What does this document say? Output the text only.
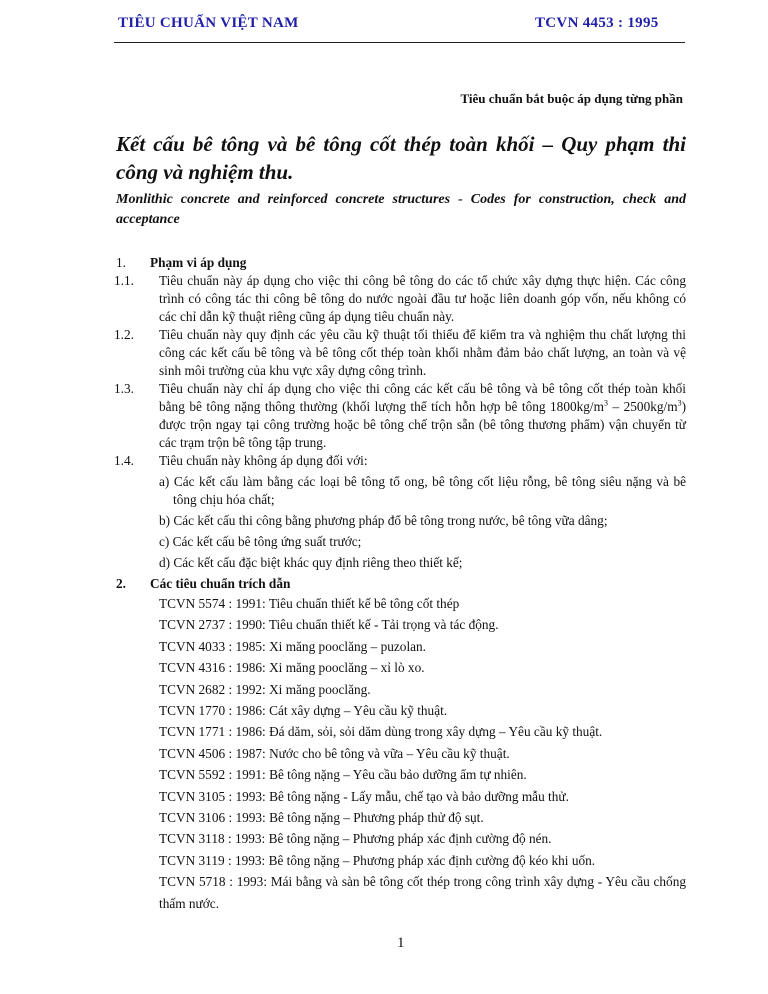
TIÊU CHUẨN VIỆT NAM	TCVN 4453 : 1995
Tiêu chuẩn bắt buộc áp dụng từng phần
Kết cấu bê tông và bê tông cốt thép toàn khối – Quy phạm thi công và nghiệm thu.
Monlithic concrete and reinforced concrete structures - Codes for construction, check and acceptance
1.	Phạm vi áp dụng
1.1. Tiêu chuẩn này áp dụng cho việc thi công bê tông do các tổ chức xây dựng thực hiện. Các công trình có công tác thi công bê tông do nước ngoài đầu tư hoặc liên doanh góp vốn, nếu không có các chỉ dẫn kỹ thuật riêng cũng áp dụng tiêu chuẩn này.
1.2. Tiêu chuẩn này quy định các yêu cầu kỹ thuật tối thiểu để kiểm tra và nghiệm thu chất lượng thi công các kết cấu bê tông và bê tông cốt thép toàn khối nhằm đảm bảo chất lượng, an toàn và vệ sinh môi trường của khu vực xây dựng công trình.
1.3. Tiêu chuẩn này chỉ áp dụng cho việc thi công các kết cấu bê tông và bê tông cốt thép toàn khối bằng bê tông nặng thông thường (khối lượng thể tích hỗn hợp bê tông $1800kg/m^3 - 2500kg/m^3$) được trộn ngay tại công trường hoặc bê tông chế trộn sẵn (bê tông thương phẩm) vận chuyển từ các trạm trộn bê tông tập trung.
1.4. Tiêu chuẩn này không áp dụng đối với:
a) Các kết cấu làm bằng các loại bê tông tổ ong, bê tông cốt liệu rỗng, bê tông siêu nặng và bê tông chịu hóa chất;
b) Các kết cấu thi công bằng phương pháp đổ bê tông trong nước, bê tông vữa dâng;
c) Các kết cấu bê tông ứng suất trước;
d) Các kết cấu đặc biệt khác quy định riêng theo thiết kế;
2.	Các tiêu chuẩn trích dẫn
TCVN 5574 : 1991: Tiêu chuẩn thiết kế bê tông cốt thép
TCVN 2737 : 1990: Tiêu chuẩn thiết kế - Tải trọng và tác động.
TCVN 4033 : 1985: Xi măng pooclăng – puzolan.
TCVN 4316 : 1986: Xi măng pooclăng – xỉ lò xo.
TCVN 2682 : 1992: Xi măng pooclăng.
TCVN 1770 : 1986: Cát xây dựng – Yêu cầu kỹ thuật.
TCVN 1771 : 1986: Đá dăm, sỏi, sỏi dăm dùng trong xây dựng – Yêu cầu kỹ thuật.
TCVN 4506 : 1987: Nước cho bê tông và vữa – Yêu cầu kỹ thuật.
TCVN 5592 : 1991: Bê tông nặng – Yêu cầu bảo dưỡng ẩm tự nhiên.
TCVN 3105 : 1993: Bê tông nặng - Lấy mẫu, chế tạo và bảo dưỡng mẫu thử.
TCVN 3106 : 1993: Bê tông nặng – Phương pháp thử độ sụt.
TCVN 3118 : 1993: Bê tông nặng – Phương pháp xác định cường độ nén.
TCVN 3119 : 1993: Bê tông nặng – Phương pháp xác định cường độ kéo khi uốn.
TCVN 5718 : 1993: Mái bằng và sàn bê tông cốt thép trong công trình xây dựng - Yêu cầu chống thấm nước.
1
